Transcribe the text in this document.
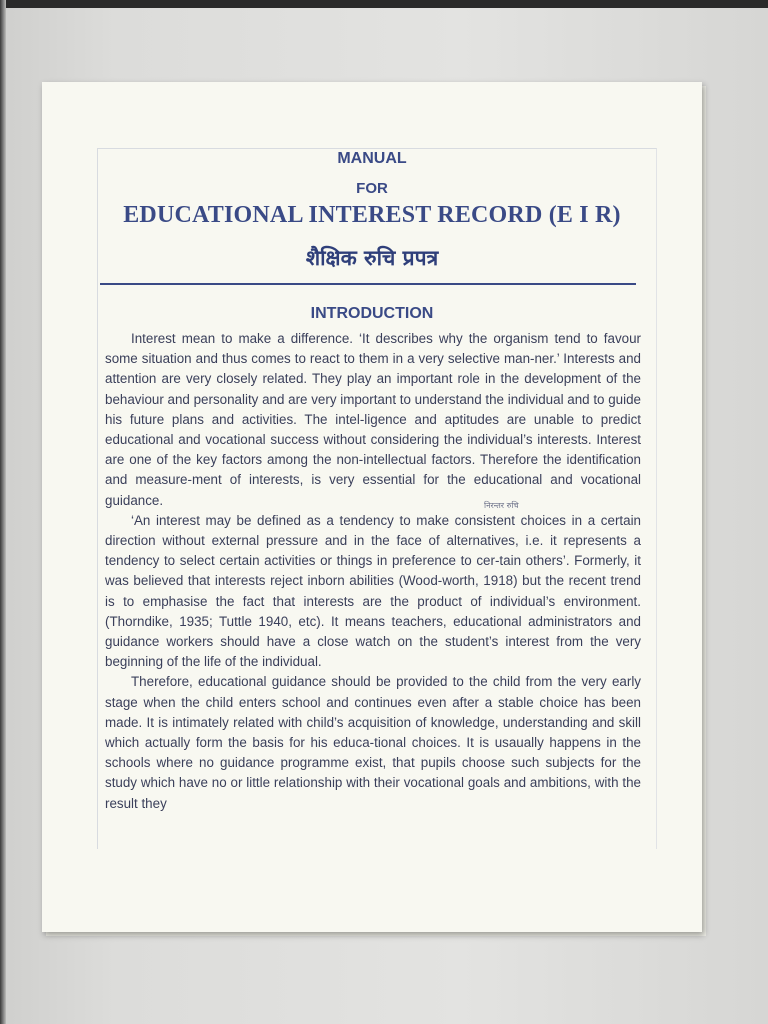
MANUAL
FOR
EDUCATIONAL INTEREST RECORD (E I R)
शैक्षिक रुचि प्रपत्र
INTRODUCTION

Interest mean to make a difference. ‘It describes why the organism tend to favour some situation and thus comes to react to them in a very selective man-ner.’ Interests and attention are very closely related. They play an important role in the development of the behaviour and personality and are very important to understand the individual and to guide his future plans and activities. The intel-ligence and aptitudes are unable to predict educational and vocational success without considering the individual’s interests. Interest are one of the key factors among the non-intellectual factors. Therefore the identification and measure-ment of interests, is very essential for the educational and vocational guidance.

‘An interest may be defined as a tendency to make consistent choices in a certain direction without external pressure and in the face of alternatives, i.e. it represents a tendency to select certain activities or things in preference to cer-tain others’. Formerly, it was believed that interests reject inborn abilities (Wood-worth, 1918) but the recent trend is to emphasise the fact that interests are the product of individual’s environment. (Thorndike, 1935; Tuttle 1940, etc). It means teachers, educational administrators and guidance workers should have a close watch on the student’s interest from the very beginning of the life of the individual.

Therefore, educational guidance should be provided to the child from the very early stage when the child enters school and continues even after a stable choice has been made. It is intimately related with child’s acquisition of knowledge, understanding and skill which actually form the basis for his educa-tional choices. It is usaually happens in the schools where no guidance programme exist, that pupils choose such subjects for the study which have no or little relationship with their vocational goals and ambitions, with the result they

निरन्तर रुचि
